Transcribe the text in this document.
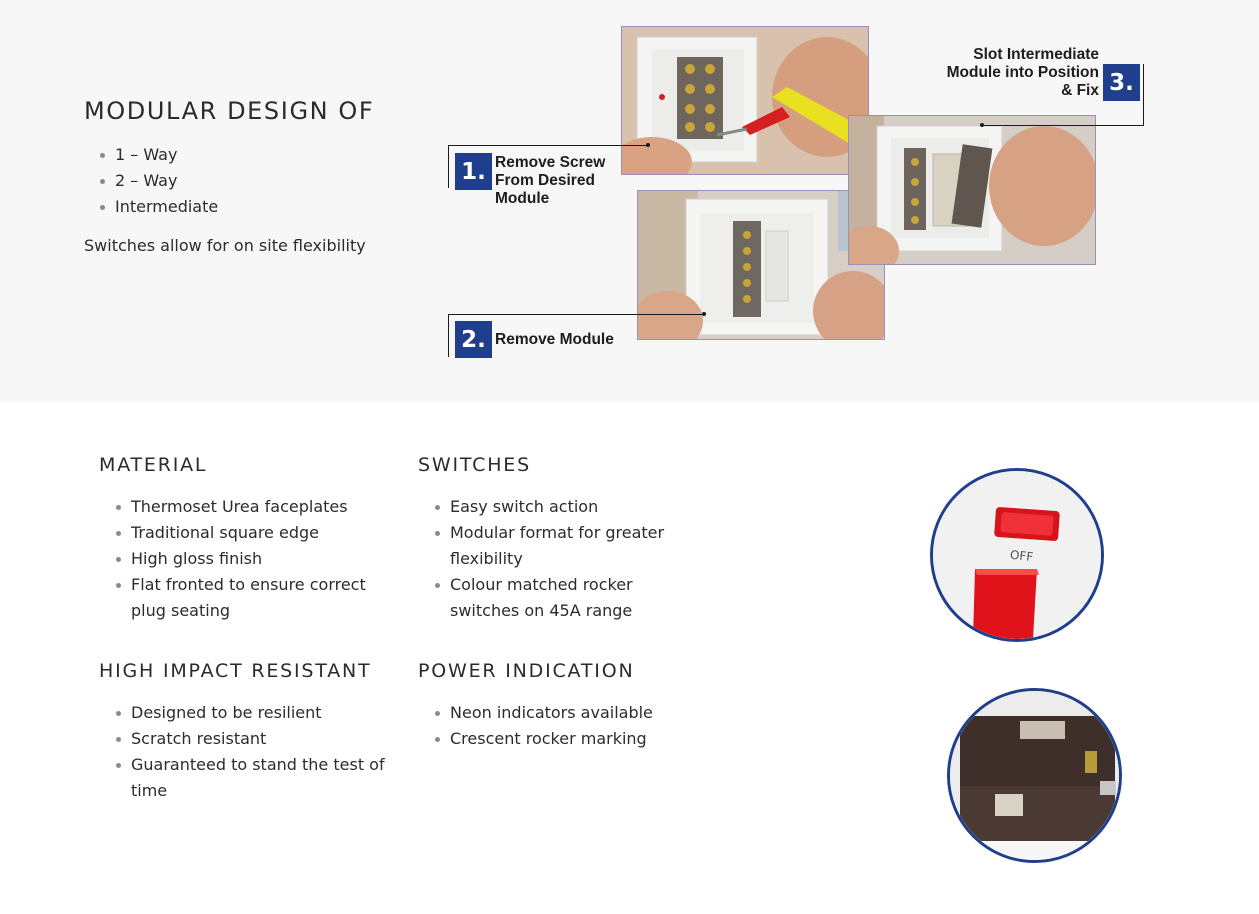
MODULAR DESIGN OF
1 – Way
2 – Way
Intermediate

Switches allow for on site flexibility

1. Remove Screw
From Desired
Module
2. Remove Module
Slot Intermediate
Module into Position
& Fix 3.
MATERIAL
Thermoset Urea faceplates
Traditional square edge
High gloss finish
Flat fronted to ensure correct plug seating
SWITCHES
Easy switch action
Modular format for greater flexibility
Colour matched rocker switches on 45A range
HIGH IMPACT RESISTANT
Designed to be resilient
Scratch resistant
Guaranteed to stand the test of time
POWER INDICATION
Neon indicators available
Crescent rocker marking
OFF
